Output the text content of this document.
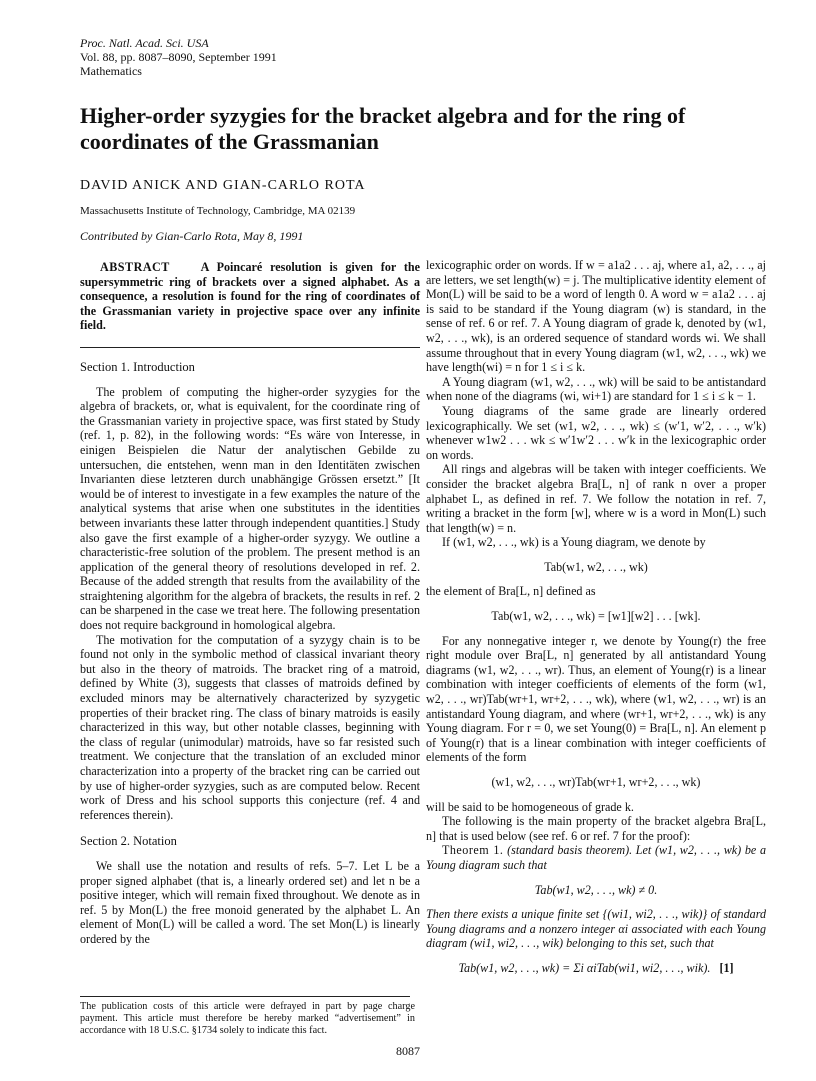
Proc. Natl. Acad. Sci. USA
Vol. 88, pp. 8087–8090, September 1991
Mathematics
Higher-order syzygies for the bracket algebra and for the ring of coordinates of the Grassmanian
DAVID ANICK AND GIAN-CARLO ROTA
Massachusetts Institute of Technology, Cambridge, MA 02139
Contributed by Gian-Carlo Rota, May 8, 1991

ABSTRACT	A Poincaré resolution is given for the supersymmetric ring of brackets over a signed alphabet. As a consequence, a resolution is found for the ring of coordinates of the Grassmanian variety in projective space over any infinite field.

Section 1. Introduction

The problem of computing the higher-order syzygies for the algebra of brackets, or, what is equivalent, for the coordinate ring of the Grassmanian variety in projective space, was first stated by Study (ref. 1, p. 82), in the following words: “Es wäre von Interesse, in einigen Beispielen die Natur der analytischen Gebilde zu untersuchen, die entstehen, wenn man in den Identitäten zwischen Invarianten diese letzteren durch unabhängige Grössen ersetzt.” [It would be of interest to investigate in a few examples the nature of the analytical systems that arise when one substitutes in the identities between invariants these latter through independent quantities.] Study also gave the first example of a higher-order syzygy. We outline a characteristic-free solution of the problem. The present method is an application of the general theory of resolutions developed in ref. 2. Because of the added strength that results from the availability of the straightening algorithm for the algebra of brackets, the results in ref. 2 can be sharpened in the case we treat here. The following presentation does not require background in homological algebra.

The motivation for the computation of a syzygy chain is to be found not only in the symbolic method of classical invariant theory but also in the theory of matroids. The bracket ring of a matroid, defined by White (3), suggests that classes of matroids defined by excluded minors may be alternatively characterized by syzygetic properties of their bracket ring. The class of binary matroids is easily characterized in this way, but other notable classes, beginning with the class of regular (unimodular) matroids, have so far resisted such treatment. We conjecture that the translation of an excluded minor characterization into a property of the bracket ring can be carried out by use of higher-order syzygies, such as are computed below. Recent work of Dress and his school supports this conjecture (ref. 4 and references therein).

Section 2. Notation

We shall use the notation and results of refs. 5–7. Let L be a proper signed alphabet (that is, a linearly ordered set) and let n be a positive integer, which will remain fixed throughout. We denote as in ref. 5 by Mon(L) the free monoid generated by the alphabet L. An element of Mon(L) will be called a word. The set Mon(L) is linearly ordered by the

lexicographic order on words. If w = a1a2 . . . aj, where a1, a2, . . ., aj are letters, we set length(w) = j. The multiplicative identity element of Mon(L) will be said to be a word of length 0. A word w = a1a2 . . . aj is said to be standard if the Young diagram (w) is standard, in the sense of ref. 6 or ref. 7. A Young diagram of grade k, denoted by (w1, w2, . . ., wk), is an ordered sequence of standard words wi. We shall assume throughout that in every Young diagram (w1, w2, . . ., wk) we have length(wi) = n for 1 ≤ i ≤ k.

A Young diagram (w1, w2, . . ., wk) will be said to be antistandard when none of the diagrams (wi, wi+1) are standard for 1 ≤ i ≤ k − 1.

Young diagrams of the same grade are linearly ordered lexicographically. We set (w1, w2, . . ., wk) ≤ (w′1, w′2, . . ., w′k) whenever w1w2 . . . wk ≤ w′1w′2 . . . w′k in the lexicographic order on words.

All rings and algebras will be taken with integer coefficients. We consider the bracket algebra Bra[L, n] of rank n over a proper alphabet L, as defined in ref. 7. We follow the notation in ref. 7, writing a bracket in the form [w], where w is a word in Mon(L) such that length(w) = n.

If (w1, w2, . . ., wk) is a Young diagram, we denote by

Tab(w1, w2, . . ., wk)

the element of Bra[L, n] defined as

Tab(w1, w2, . . ., wk) = [w1][w2] . . . [wk].

For any nonnegative integer r, we denote by Young(r) the free right module over Bra[L, n] generated by all antistandard Young diagrams (w1, w2, . . ., wr). Thus, an element of Young(r) is a linear combination with integer coefficients of elements of the form (w1, w2, . . ., wr)Tab(wr+1, wr+2, . . ., wk), where (w1, w2, . . ., wr) is an antistandard Young diagram, and where (wr+1, wr+2, . . ., wk) is any Young diagram. For r = 0, we set Young(0) = Bra[L, n]. An element p of Young(r) that is a linear combination with integer coefficients of elements of the form

(w1, w2, . . ., wr)Tab(wr+1, wr+2, . . ., wk)

will be said to be homogeneous of grade k.

The following is the main property of the bracket algebra Bra[L, n] that is used below (see ref. 6 or ref. 7 for the proof):

Theorem 1. (standard basis theorem). Let (w1, w2, . . ., wk) be a Young diagram such that

Tab(w1, w2, . . ., wk) ≠ 0.

Then there exists a unique finite set {(wi1, wi2, . . ., wik)} of standard Young diagrams and a nonzero integer αi associated with each Young diagram (wi1, wi2, . . ., wik) belonging to this set, such that

Tab(w1, w2, . . ., wk) = Σi αiTab(wi1, wi2, . . ., wik). [1]
The publication costs of this article were defrayed in part by page charge payment. This article must therefore be hereby marked “advertisement” in accordance with 18 U.S.C. §1734 solely to indicate this fact.
8087
